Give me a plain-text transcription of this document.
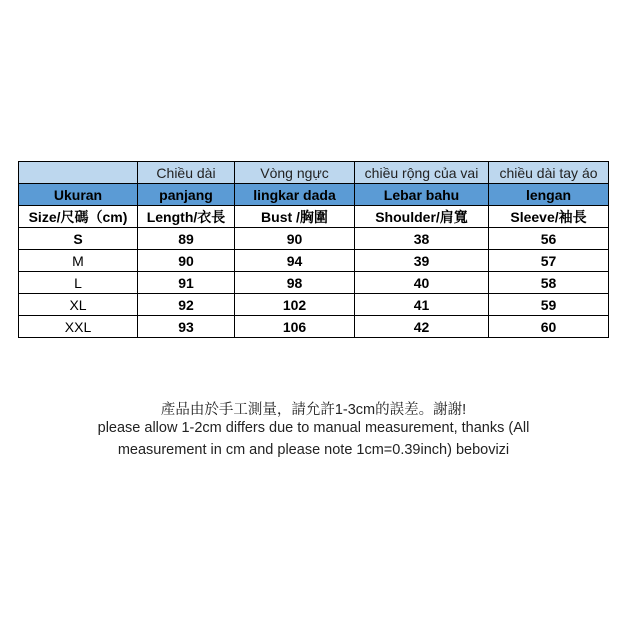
	Chiều dài	Vòng ngực	chiều rộng của vai	chiều dài tay áo
Ukuran	panjang	lingkar dada	Lebar bahu	lengan
Size/尺碼（cm)	Length/衣長	Bust /胸圍	Shoulder/肩寬	Sleeve/袖長
S	89	90	38	56
M	90	94	39	57
L	91	98	40	58
XL	92	102	41	59
XXL	93	106	42	60
產品由於手工測量，請允許1-3cm的誤差。謝謝!
please allow 1-2cm differs due to manual measurement, thanks (All
measurement in cm and please note 1cm=0.39inch) bebovizi
